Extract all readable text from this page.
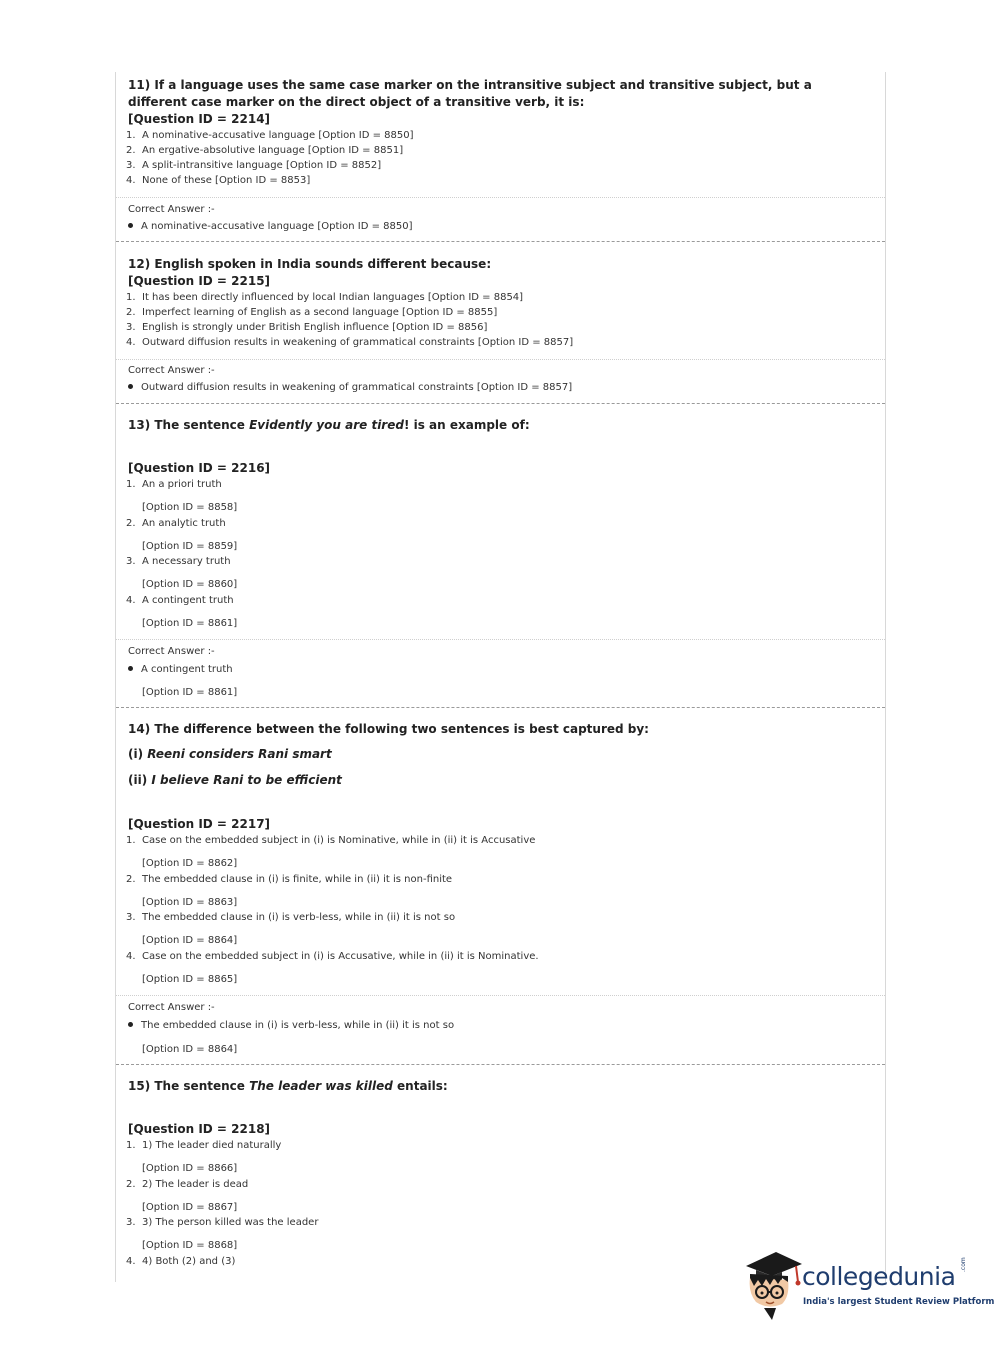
11) If a language uses the same case marker on the intransitive subject and transitive subject, but a different case marker on the direct object of a transitive verb, it is:
[Question ID = 2214]
1. A nominative-accusative language [Option ID = 8850]
2. An ergative-absolutive language [Option ID = 8851]
3. A split-intransitive language [Option ID = 8852]
4. None of these [Option ID = 8853]
Correct Answer :-
A nominative-accusative language [Option ID = 8850]
12) English spoken in India sounds different because:
[Question ID = 2215]
1. It has been directly influenced by local Indian languages [Option ID = 8854]
2. Imperfect learning of English as a second language [Option ID = 8855]
3. English is strongly under British English influence [Option ID = 8856]
4. Outward diffusion results in weakening of grammatical constraints [Option ID = 8857]
Correct Answer :-
Outward diffusion results in weakening of grammatical constraints [Option ID = 8857]
13) The sentence Evidently you are tired! is an example of:
[Question ID = 2216]
1. An a priori truth
[Option ID = 8858]
2. An analytic truth
[Option ID = 8859]
3. A necessary truth
[Option ID = 8860]
4. A contingent truth
[Option ID = 8861]
Correct Answer :-
A contingent truth
[Option ID = 8861]
14) The difference between the following two sentences is best captured by:
(i) Reeni considers Rani smart
(ii) I believe Rani to be efficient
[Question ID = 2217]
1. Case on the embedded subject in (i) is Nominative, while in (ii) it is Accusative
[Option ID = 8862]
2. The embedded clause in (i) is finite, while in (ii) it is non-finite
[Option ID = 8863]
3. The embedded clause in (i) is verb-less, while in (ii) it is not so
[Option ID = 8864]
4. Case on the embedded subject in (i) is Accusative, while in (ii) it is Nominative.
[Option ID = 8865]
Correct Answer :-
The embedded clause in (i) is verb-less, while in (ii) it is not so
[Option ID = 8864]
15) The sentence The leader was killed entails:
[Question ID = 2218]
1. 1) The leader died naturally
[Option ID = 8866]
2. 2) The leader is dead
[Option ID = 8867]
3. 3) The person killed was the leader
[Option ID = 8868]
4. 4) Both (2) and (3)
collegedunia .com
India's largest Student Review Platform
